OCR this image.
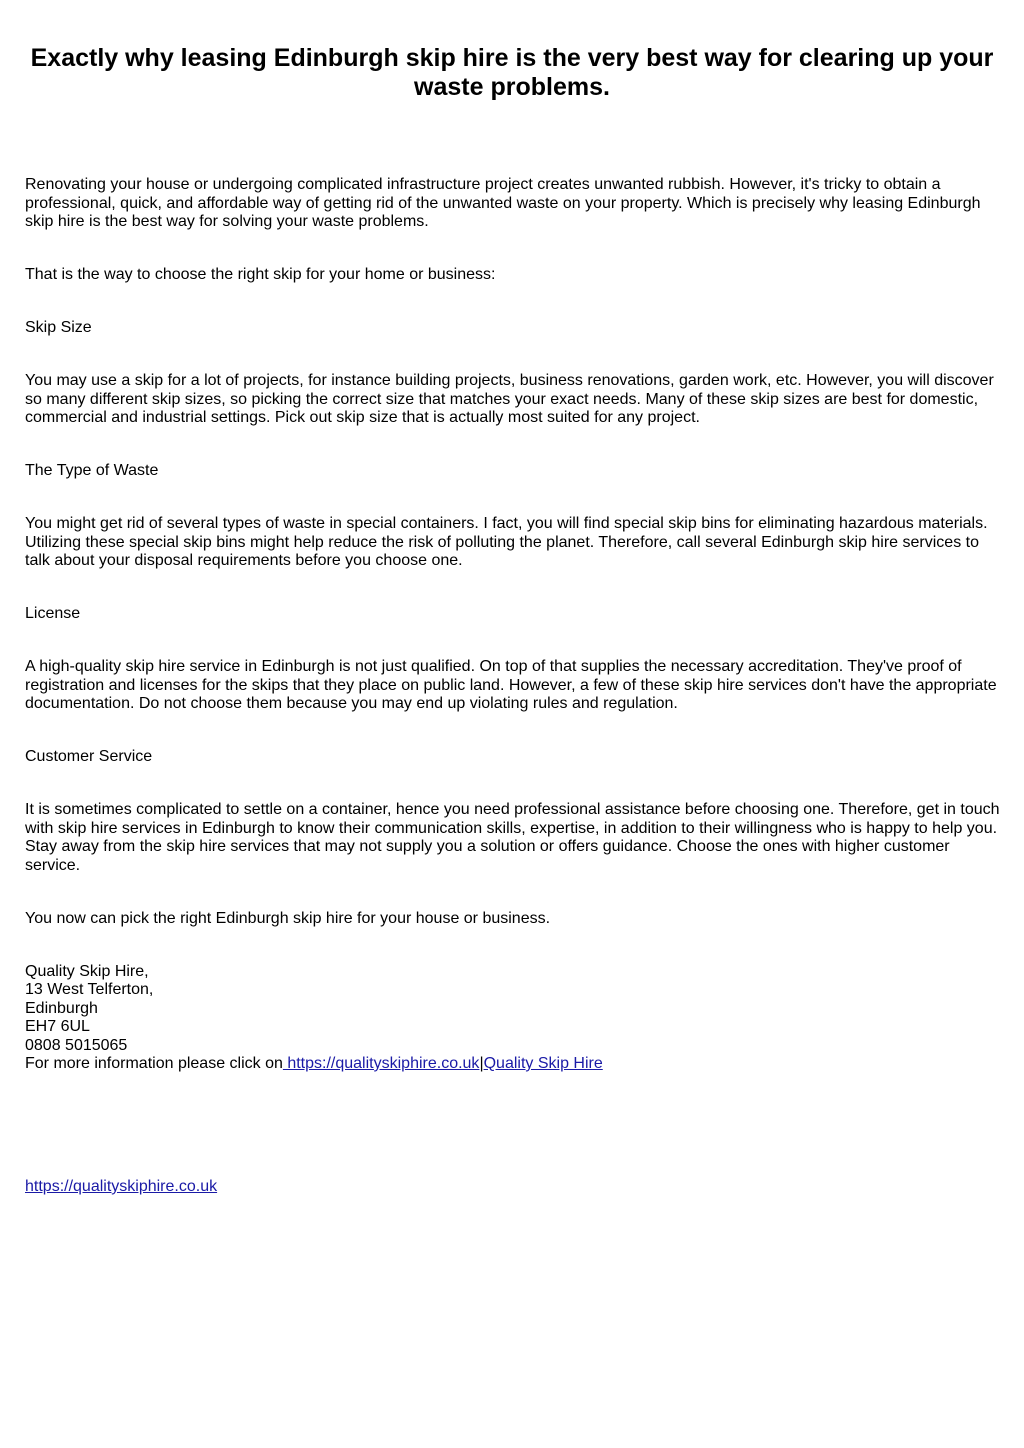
Exactly why leasing Edinburgh skip hire is the very best way for clearing up your waste problems.

Renovating your house or undergoing complicated infrastructure project creates unwanted rubbish. However, it's tricky to obtain a professional, quick, and affordable way of getting rid of the unwanted waste on your property. Which is precisely why leasing Edinburgh skip hire is the best way for solving your waste problems.

That is the way to choose the right skip for your home or business:

Skip Size

You may use a skip for a lot of projects, for instance building projects, business renovations, garden work, etc. However, you will discover so many different skip sizes, so picking the correct size that matches your exact needs. Many of these skip sizes are best for domestic, commercial and industrial settings. Pick out skip size that is actually most suited for any project.

The Type of Waste

You might get rid of several types of waste in special containers. I fact, you will find special skip bins for eliminating hazardous materials. Utilizing these special skip bins might help reduce the risk of polluting the planet. Therefore, call several Edinburgh skip hire services to talk about your disposal requirements before you choose one.

License

A high-quality skip hire service in Edinburgh is not just qualified. On top of that supplies the necessary accreditation. They've proof of registration and licenses for the skips that they place on public land. However, a few of these skip hire services don't have the appropriate documentation. Do not choose them because you may end up violating rules and regulation.

Customer Service

It is sometimes complicated to settle on a container, hence you need professional assistance before choosing one. Therefore, get in touch with skip hire services in Edinburgh to know their communication skills, expertise, in addition to their willingness who is happy to help you. Stay away from the skip hire services that may not supply you a solution or offers guidance. Choose the ones with higher customer service.

You now can pick the right Edinburgh skip hire for your house or business.

Quality Skip Hire,
13 West Telferton,
Edinburgh
EH7 6UL
0808 5015065
For more information please click on https://qualityskiphire.co.uk|Quality Skip Hire
https://qualityskiphire.co.uk
